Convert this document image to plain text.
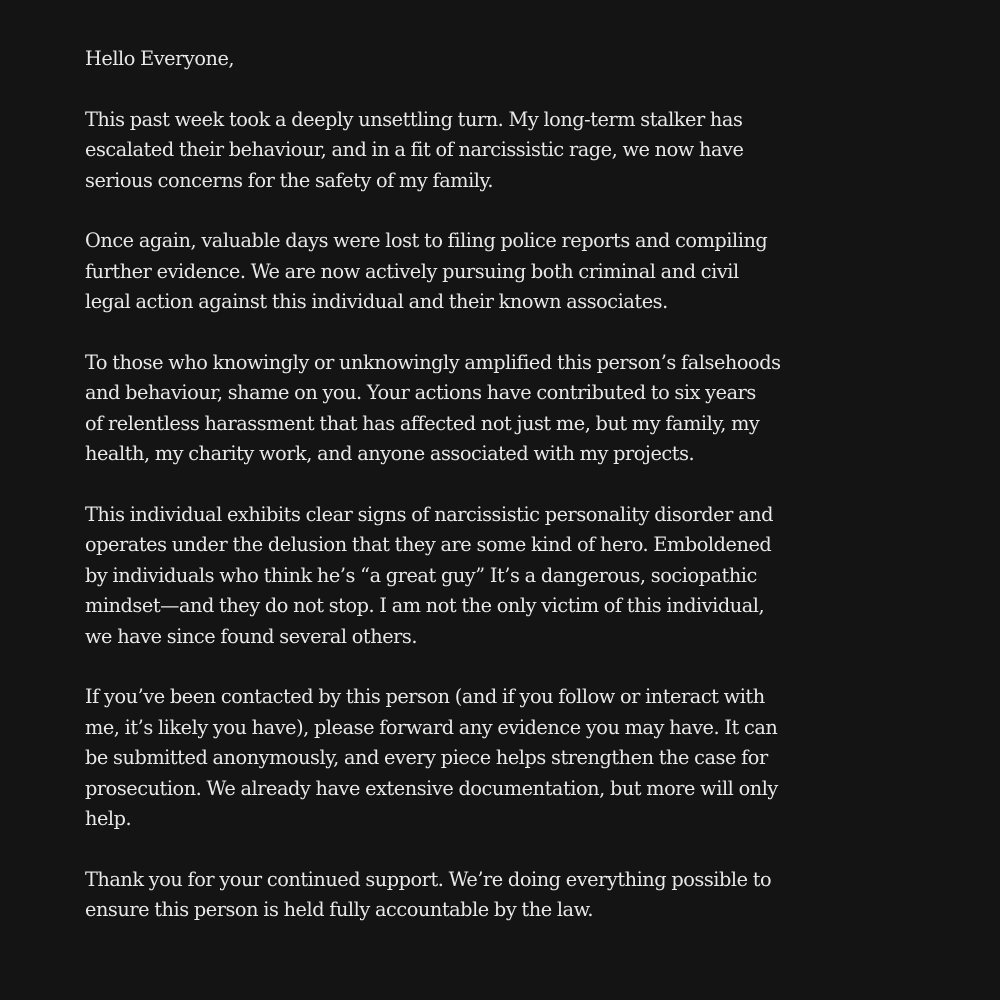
Hello Everyone,

This past week took a deeply unsettling turn. My long-term stalker has
escalated their behaviour, and in a fit of narcissistic rage, we now have
serious concerns for the safety of my family.

Once again, valuable days were lost to filing police reports and compiling
further evidence. We are now actively pursuing both criminal and civil
legal action against this individual and their known associates.

To those who knowingly or unknowingly amplified this person’s falsehoods
and behaviour, shame on you. Your actions have contributed to six years
of relentless harassment that has affected not just me, but my family, my
health, my charity work, and anyone associated with my projects.

This individual exhibits clear signs of narcissistic personality disorder and
operates under the delusion that they are some kind of hero. Emboldened
by individuals who think he’s “a great guy” It’s a dangerous, sociopathic
mindset—and they do not stop. I am not the only victim of this individual,
we have since found several others.

If you’ve been contacted by this person (and if you follow or interact with
me, it’s likely you have), please forward any evidence you may have. It can
be submitted anonymously, and every piece helps strengthen the case for
prosecution. We already have extensive documentation, but more will only
help.

Thank you for your continued support. We’re doing everything possible to
ensure this person is held fully accountable by the law.
